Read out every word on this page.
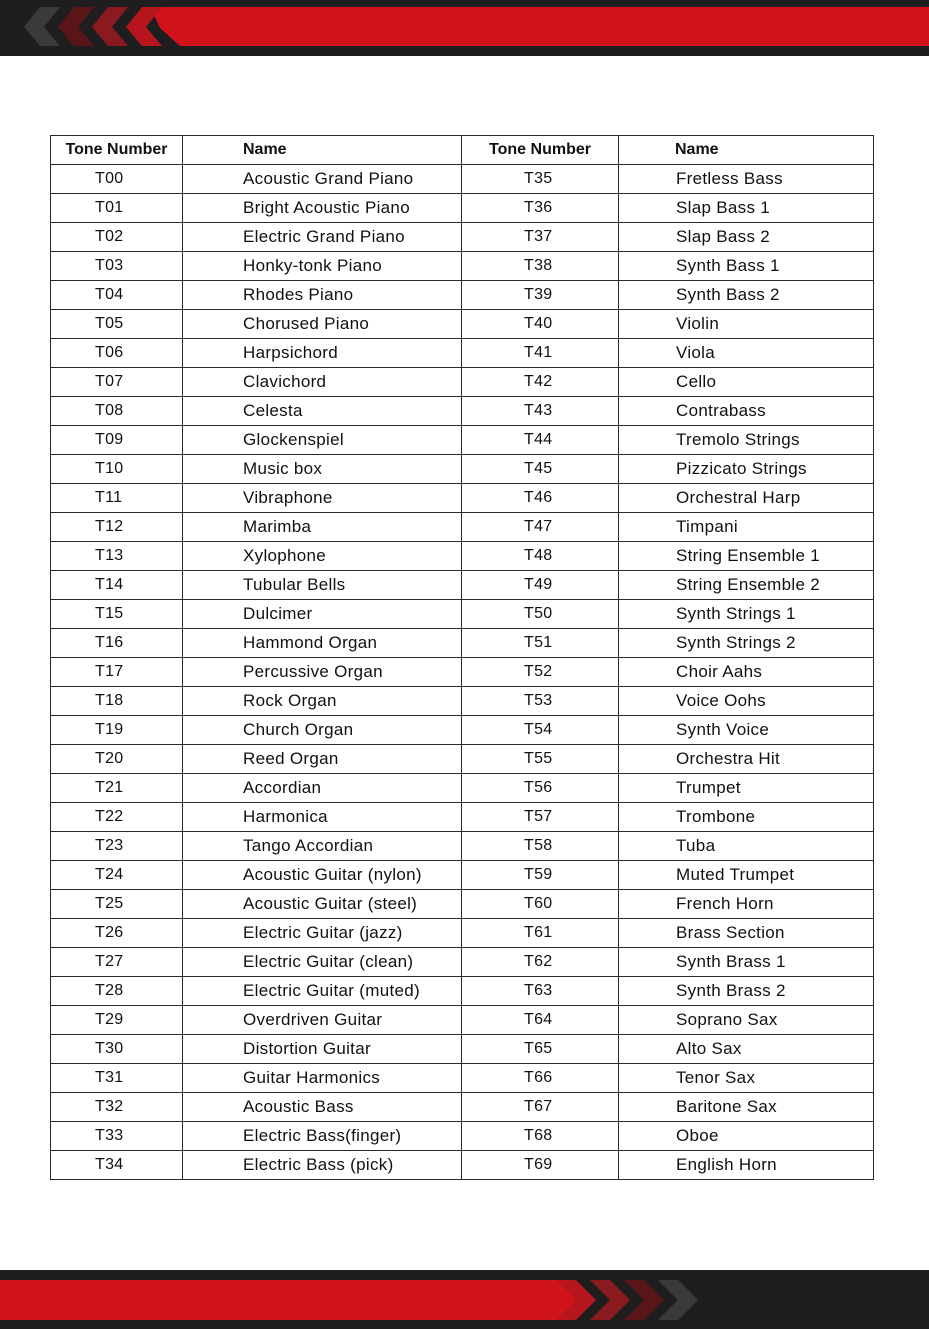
Tone Number	Name	Tone Number	Name
T00	Acoustic Grand Piano	T35	Fretless Bass
T01	Bright Acoustic Piano	T36	Slap Bass 1
T02	Electric Grand Piano	T37	Slap Bass 2
T03	Honky-tonk Piano	T38	Synth Bass 1
T04	Rhodes Piano	T39	Synth Bass 2
T05	Chorused Piano	T40	Violin
T06	Harpsichord	T41	Viola
T07	Clavichord	T42	Cello
T08	Celesta	T43	Contrabass
T09	Glockenspiel	T44	Tremolo Strings
T10	Music box	T45	Pizzicato Strings
T11	Vibraphone	T46	Orchestral Harp
T12	Marimba	T47	Timpani
T13	Xylophone	T48	String Ensemble 1
T14	Tubular Bells	T49	String Ensemble 2
T15	Dulcimer	T50	Synth Strings 1
T16	Hammond Organ	T51	Synth Strings 2
T17	Percussive Organ	T52	Choir Aahs
T18	Rock Organ	T53	Voice Oohs
T19	Church Organ	T54	Synth Voice
T20	Reed Organ	T55	Orchestra Hit
T21	Accordian	T56	Trumpet
T22	Harmonica	T57	Trombone
T23	Tango Accordian	T58	Tuba
T24	Acoustic Guitar (nylon)	T59	Muted Trumpet
T25	Acoustic Guitar (steel)	T60	French Horn
T26	Electric Guitar (jazz)	T61	Brass Section
T27	Electric Guitar (clean)	T62	Synth Brass 1
T28	Electric Guitar (muted)	T63	Synth Brass 2
T29	Overdriven Guitar	T64	Soprano Sax
T30	Distortion Guitar	T65	Alto Sax
T31	Guitar Harmonics	T66	Tenor Sax
T32	Acoustic Bass	T67	Baritone Sax
T33	Electric Bass(finger)	T68	Oboe
T34	Electric Bass (pick)	T69	English Horn
